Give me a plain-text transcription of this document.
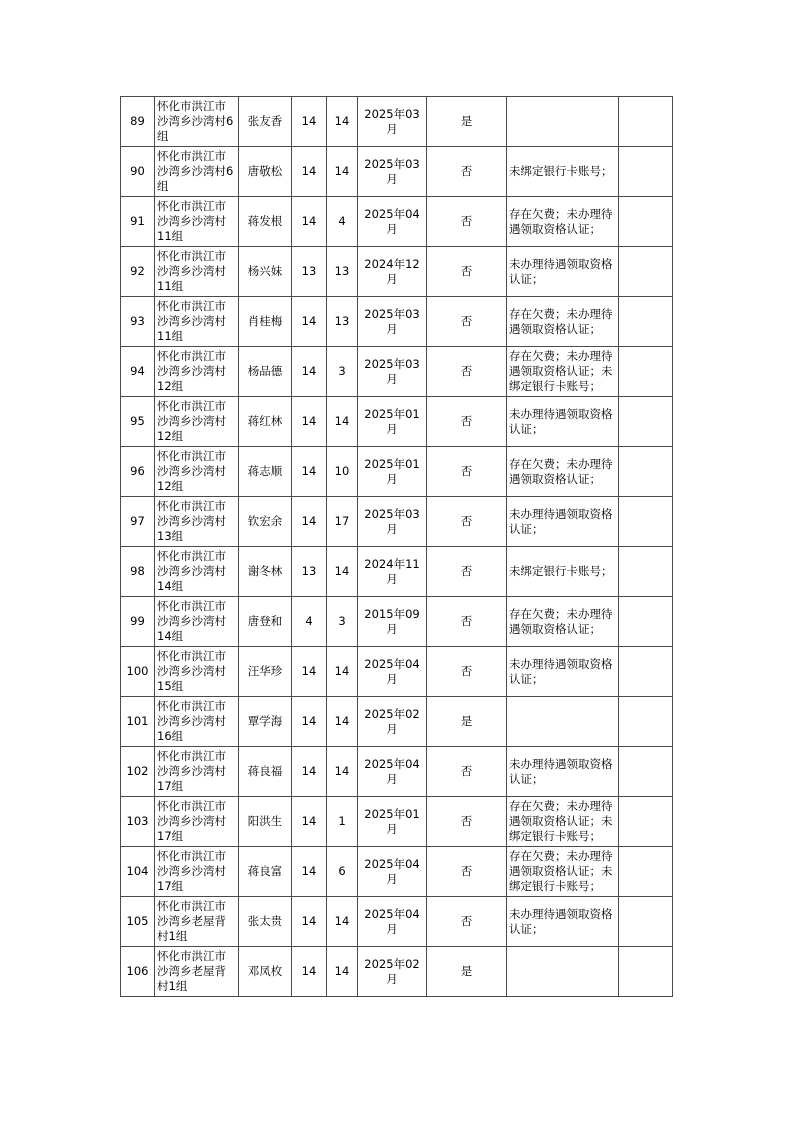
89	怀化市洪江市沙湾乡沙湾村6组	张友香	14	14	2025年03月	是	

90	怀化市洪江市沙湾乡沙湾村6组	唐敬松	14	14	2025年03月	否	未绑定银行卡账号；	

91	怀化市洪江市沙湾乡沙湾村11组	蒋发根	14	4	2025年04月	否	存在欠费；未办理待遇领取资格认证；	

92	怀化市洪江市沙湾乡沙湾村11组	杨兴妹	13	13	2024年12月	否	未办理待遇领取资格认证；	

93	怀化市洪江市沙湾乡沙湾村11组	肖桂梅	14	13	2025年03月	否	存在欠费；未办理待遇领取资格认证；	

94	怀化市洪江市沙湾乡沙湾村12组	杨品德	14	3	2025年03月	否	存在欠费；未办理待遇领取资格认证；未绑定银行卡账号；	

95	怀化市洪江市沙湾乡沙湾村12组	蒋红林	14	14	2025年01月	否	未办理待遇领取资格认证；	

96	怀化市洪江市沙湾乡沙湾村12组	蒋志顺	14	10	2025年01月	否	存在欠费；未办理待遇领取资格认证；	

97	怀化市洪江市沙湾乡沙湾村13组	钦宏余	14	17	2025年03月	否	未办理待遇领取资格认证；	

98	怀化市洪江市沙湾乡沙湾村14组	谢冬林	13	14	2024年11月	否	未绑定银行卡账号；	

99	怀化市洪江市沙湾乡沙湾村14组	唐登和	4	3	2015年09月	否	存在欠费；未办理待遇领取资格认证；	

100	怀化市洪江市沙湾乡沙湾村15组	汪华珍	14	14	2025年04月	否	未办理待遇领取资格认证；	

101	怀化市洪江市沙湾乡沙湾村16组	覃学海	14	14	2025年02月	是	

102	怀化市洪江市沙湾乡沙湾村17组	蒋良福	14	14	2025年04月	否	未办理待遇领取资格认证；	

103	怀化市洪江市沙湾乡沙湾村17组	阳洪生	14	1	2025年01月	否	存在欠费；未办理待遇领取资格认证；未绑定银行卡账号；	

104	怀化市洪江市沙湾乡沙湾村17组	蒋良富	14	6	2025年04月	否	存在欠费；未办理待遇领取资格认证；未绑定银行卡账号；	

105	怀化市洪江市沙湾乡老屋背村1组	张太贵	14	14	2025年04月	否	未办理待遇领取资格认证；	

106	怀化市洪江市沙湾乡老屋背村1组	邓凤枚	14	14	2025年02月	是	
